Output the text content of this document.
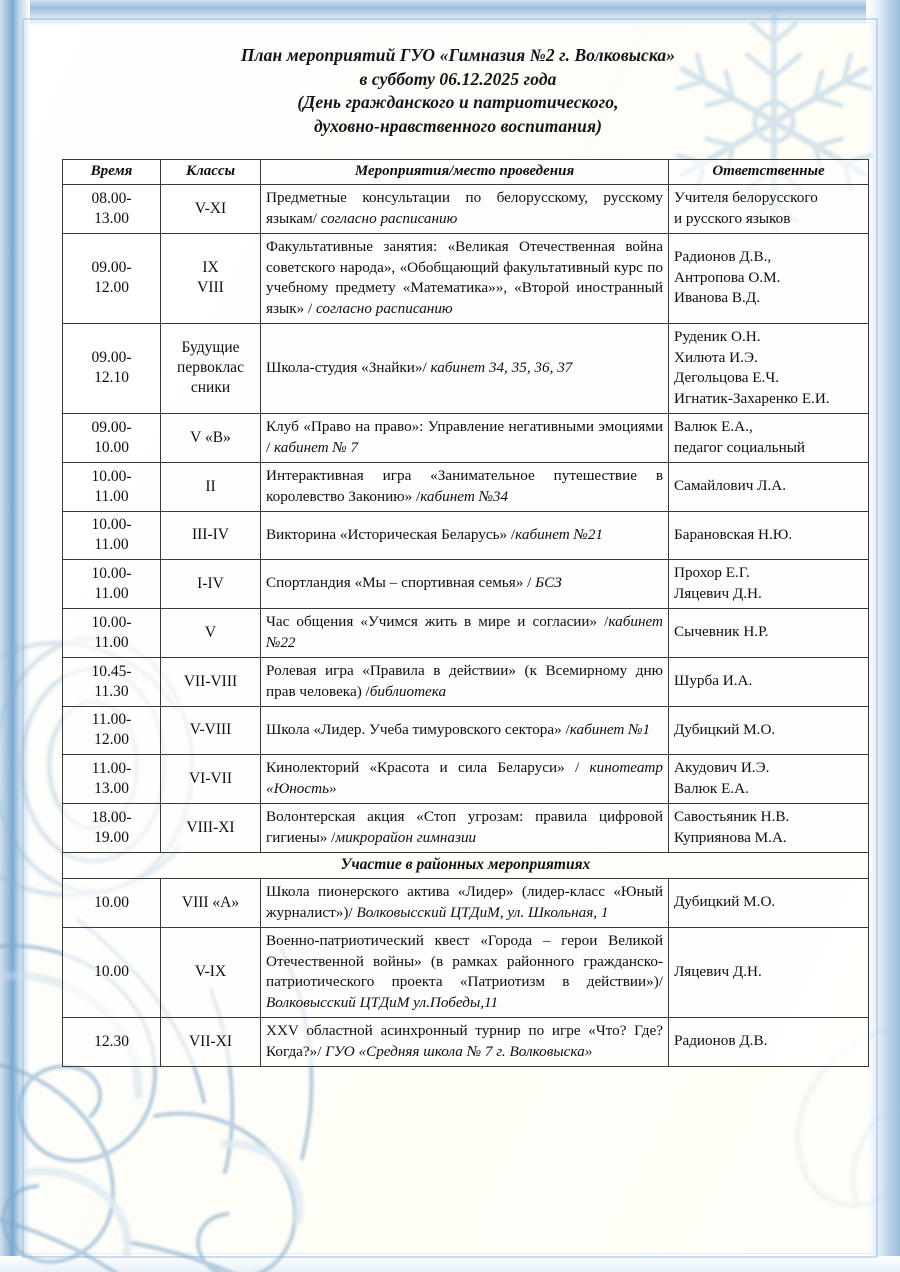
План мероприятий ГУО «Гимназия №2 г. Волковыска»
в субботу 06.12.2025 года
(День гражданского и патриотического,
духовно-нравственного воспитания)
Время	Классы	Мероприятия/место проведения	Ответственные
08.00-
13.00	V-XI	Предметные консультации по белорусскому, русскому языкам/ согласно расписанию	Учителя белорусского
и русского языков

09.00-
12.00	IX
VIII	Факультативные занятия: «Великая Отечественная война советского народа», «Обобщающий факультативный курс по учебному предмету «Математика»», «Второй иностранный язык» / согласно расписанию	Радионов Д.В.,
Антропова О.М.
Иванова В.Д.

09.00-
12.10	Будущие
первоклас
сники	Школа-студия «Знайки»/ кабинет 34, 35, 36, 37	Руденик О.Н.
Хилюта И.Э.
Дегольцова Е.Ч.
Игнатик-Захаренко Е.И.

09.00-
10.00	V «В»	Клуб «Право на право»: Управление негативными эмоциями / кабинет № 7	Валюк Е.А.,
педагог социальный

10.00-
11.00	II	Интерактивная игра «Занимательное путешествие в королевство Законию» /кабинет №34	Самайлович Л.А.

10.00-
11.00	III-IV	Викторина «Историческая Беларусь» /кабинет №21	Барановская Н.Ю.

10.00-
11.00	I-IV	Спортландия «Мы – спортивная семья» / БСЗ	Прохор Е.Г.
Ляцевич Д.Н.

10.00-
11.00	V	Час общения «Учимся жить в мире и согласии» /кабинет №22	Сычевник Н.Р.

10.45-
11.30	VII-VIII	Ролевая игра «Правила в действии» (к Всемирному дню прав человека) /библиотека	Шурба И.А.

11.00-
12.00	V-VIII	Школа «Лидер. Учеба тимуровского сектора» /кабинет №1	Дубицкий М.О.

11.00-
13.00	VI-VII	Кинолекторий «Красота и сила Беларуси» / кинотеатр «Юность»	Акудович И.Э.
Валюк Е.А.

18.00-
19.00	VIII-XI	Волонтерская акция «Стоп угрозам: правила цифровой гигиены» /микрорайон гимназии	Савостьяник Н.В.
Куприянова М.А.

Участие в районных мероприятиях			
10.00	VIII «А»	Школа пионерского актива «Лидер» (лидер-класс «Юный журналист»)/ Волковысский ЦТДиМ, ул. Школьная, 1	Дубицкий М.О.

10.00	V-IX	Военно-патриотический квест «Города – герои Великой Отечественной войны» (в рамках районного гражданско-патриотического проекта «Патриотизм в действии»)/ Волковысский ЦТДиМ ул.Победы,11	Ляцевич Д.Н.

12.30	VII-XI	XXV областной асинхронный турнир по игре «Что? Где? Когда?»/ ГУО «Средняя школа № 7 г. Волковыска»	Радионов Д.В.
